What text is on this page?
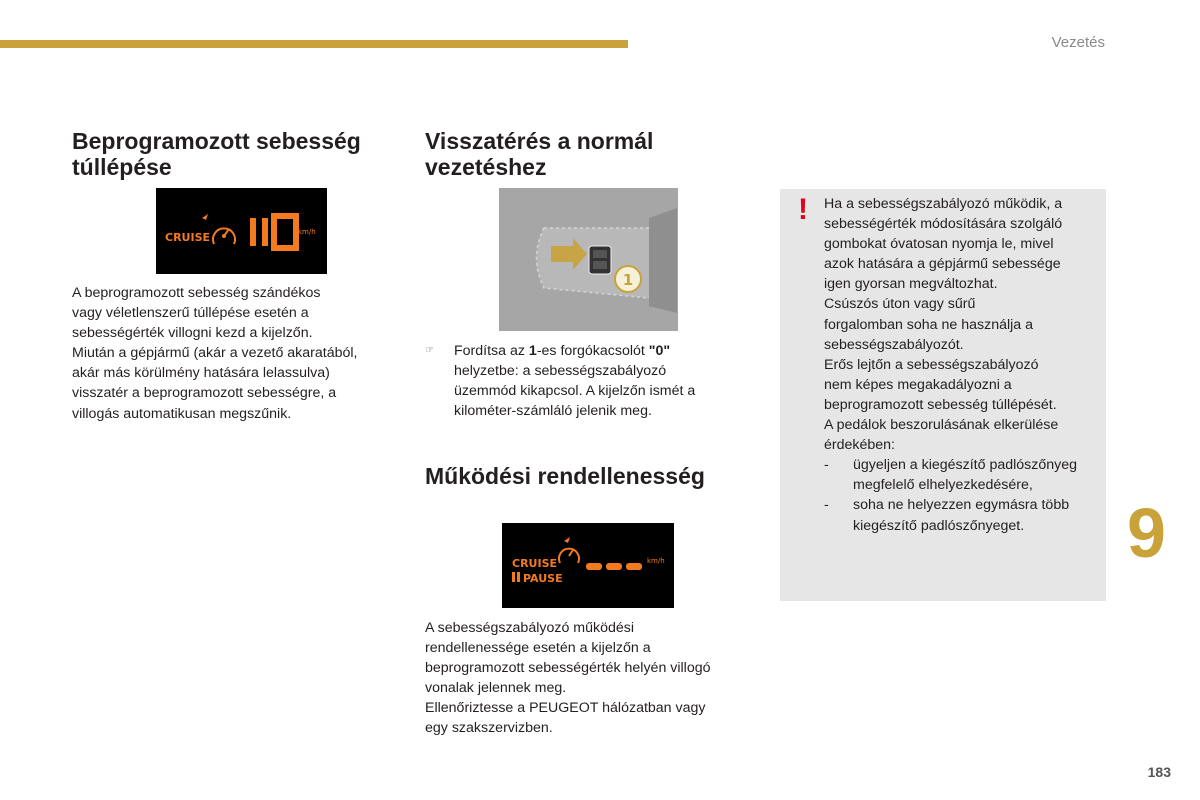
Vezetés
Beprogramozott sebesség
túllépése
CRUISE	km/h

A beprogramozott sebesség szándékos

vagy véletlenszerű túllépése esetén a

sebességérték villogni kezd a kijelzőn.

Miután a gépjármű (akár a vezető akaratából,

akár más körülmény hatására lelassulva)

visszatér a beprogramozott sebességre, a

villogás automatikusan megszűnik.

Visszatérés a normál
vezetéshez
1
☞ Fordítsa az 1-es forgókacsolót "0"
helyzetbe: a sebességszabályozó
üzemmód kikapcsol. A kijelzőn ismét a
kilométer-számláló jelenik meg.
Működési rendellenesség
CRUISE
PAUSE
km/h

A sebességszabályozó működési

rendellenessége esetén a kijelzőn a

beprogramozott sebességérték helyén villogó

vonalak jelennek meg.

Ellenőriztesse a PEUGEOT hálózatban vagy

egy szakszervizben.

! Ha a sebességszabályozó működik, a

sebességérték módosítására szolgáló

gombokat óvatosan nyomja le, mivel

azok hatására a gépjármű sebessége

igen gyorsan megváltozhat.

Csúszós úton vagy sűrű

forgalomban soha ne használja a

sebességszabályozót.

Erős lejtőn a sebességszabályozó

nem képes megakadályozni a

beprogramozott sebesség túllépését.

A pedálok beszorulásának elkerülése

érdekében:

- ügyeljen a kiegészítő padlószőnyeg
megfelelő elhelyezkedésére,
- soha ne helyezzen egymásra több
kiegészítő padlószőnyeget.	9
183
